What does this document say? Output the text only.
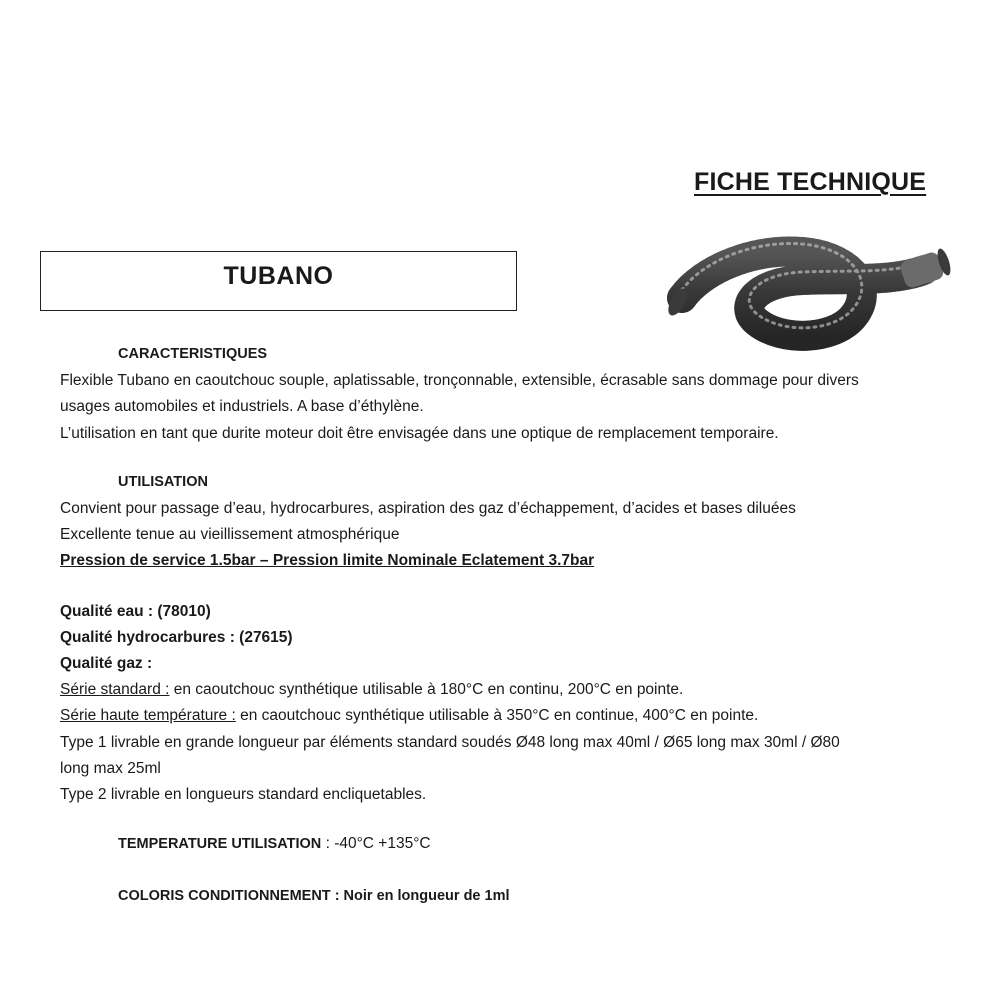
FICHE TECHNIQUE
TUBANO
CARACTERISTIQUES
Flexible Tubano en caoutchouc souple, aplatissable, tronçonnable, extensible, écrasable sans dommage pour divers
usages automobiles et industriels. A base d’éthylène.
L’utilisation en tant que durite moteur doit être envisagée dans une optique de remplacement temporaire.
UTILISATION
Convient pour passage d’eau, hydrocarbures, aspiration des gaz d’échappement, d’acides et bases diluées
Excellente tenue au vieillissement atmosphérique
Pression de service 1.5bar – Pression limite Nominale Eclatement 3.7bar
Qualité eau : (78010)
Qualité hydrocarbures : (27615)
Qualité gaz :
Série standard : en caoutchouc synthétique utilisable à 180°C en continu, 200°C en pointe.
Série haute température : en caoutchouc synthétique utilisable à 350°C en continue, 400°C en pointe.
Type 1 livrable en grande longueur par éléments standard soudés Ø48 long max 40ml / Ø65 long max 30ml / Ø80
long max 25ml
Type 2 livrable en longueurs standard encliquetables.
TEMPERATURE UTILISATION : -40°C +135°C
COLORIS CONDITIONNEMENT : Noir en longueur de 1ml
